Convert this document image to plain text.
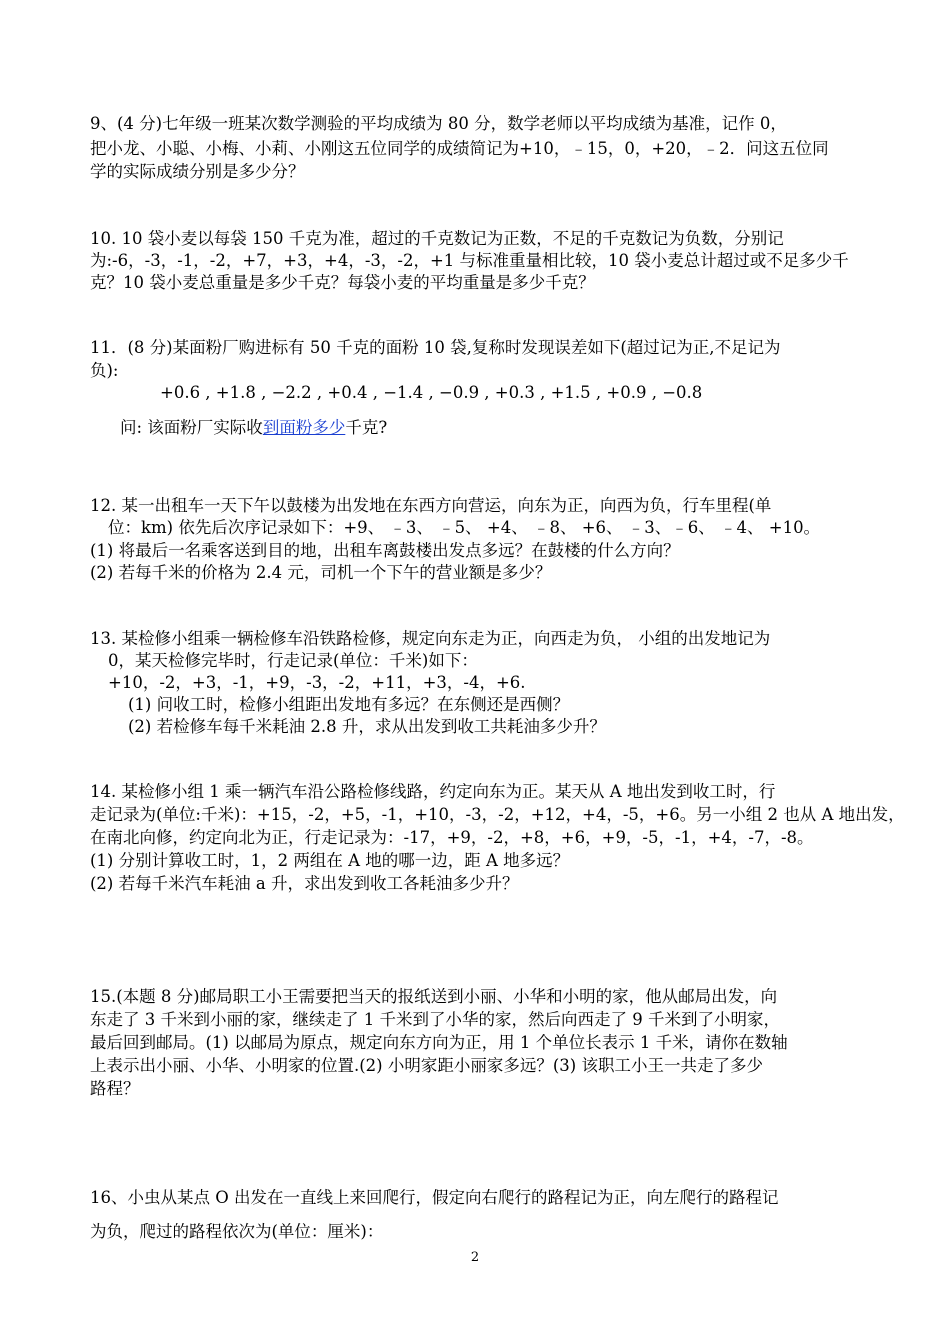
9、(4 分)七年级一班某次数学测验的平均成绩为 80 分，数学老师以平均成绩为基准，记作 0，
把小龙、小聪、小梅、小莉、小刚这五位同学的成绩简记为+10，﹣15，0，+20，﹣2．问这五位同
学的实际成绩分别是多少分？
10. 10 袋小麦以每袋 150 千克为准，超过的千克数记为正数，不足的千克数记为负数，分别记
为:-6，-3，-1，-2，+7，+3，+4，-3，-2，+1 与标准重量相比较，10 袋小麦总计超过或不足多少千
克？10 袋小麦总重量是多少千克？每袋小麦的平均重量是多少千克？
11．(8 分)某面粉厂购进标有 50 千克的面粉 10 袋,复称时发现误差如下(超过记为正,不足记为
负):
+0.6 , +1.8 , −2.2 , +0.4 , −1.4 , −0.9 , +0.3 , +1.5 , +0.9 , −0.8
问: 该面粉厂实际收到面粉多少千克?
12. 某一出租车一天下午以鼓楼为出发地在东西方向营运，向东为正，向西为负，行车里程(单
位：km) 依先后次序记录如下：+9、 ﹣3、 ﹣5、 +4、 ﹣8、 +6、 ﹣3、﹣6、 ﹣4、 +10。
(1) 将最后一名乘客送到目的地，出租车离鼓楼出发点多远？在鼓楼的什么方向？
(2) 若每千米的价格为 2.4 元，司机一个下午的营业额是多少？
13. 某检修小组乘一辆检修车沿铁路检修，规定向东走为正，向西走为负， 小组的出发地记为
0，某天检修完毕时，行走记录(单位：千米)如下：
+10，-2，+3，-1，+9，-3，-2，+11，+3，-4，+6.
(1) 问收工时，检修小组距出发地有多远？在东侧还是西侧？
(2) 若检修车每千米耗油 2.8 升，求从出发到收工共耗油多少升？
14. 某检修小组 1 乘一辆汽车沿公路检修线路，约定向东为正。某天从 A 地出发到收工时，行
走记录为(单位:千米)：+15，-2，+5，-1，+10，-3，-2，+12，+4，-5，+6。另一小组 2 也从 A 地出发，
在南北向修，约定向北为正，行走记录为：-17，+9，-2，+8，+6，+9，-5，-1，+4，-7，-8。
(1) 分别计算收工时，1，2 两组在 A 地的哪一边，距 A 地多远？
(2) 若每千米汽车耗油 a 升，求出发到收工各耗油多少升？
15.(本题 8 分)邮局职工小王需要把当天的报纸送到小丽、小华和小明的家，他从邮局出发，向
东走了 3 千米到小丽的家，继续走了 1 千米到了小华的家，然后向西走了 9 千米到了小明家，
最后回到邮局。(1) 以邮局为原点，规定向东方向为正，用 1 个单位长表示 1 千米，请你在数轴
上表示出小丽、小华、小明家的位置.(2) 小明家距小丽家多远？(3) 该职工小王一共走了多少
路程？
16、小虫从某点 O 出发在一直线上来回爬行，假定向右爬行的路程记为正，向左爬行的路程记
为负，爬过的路程依次为(单位：厘米)：
2
